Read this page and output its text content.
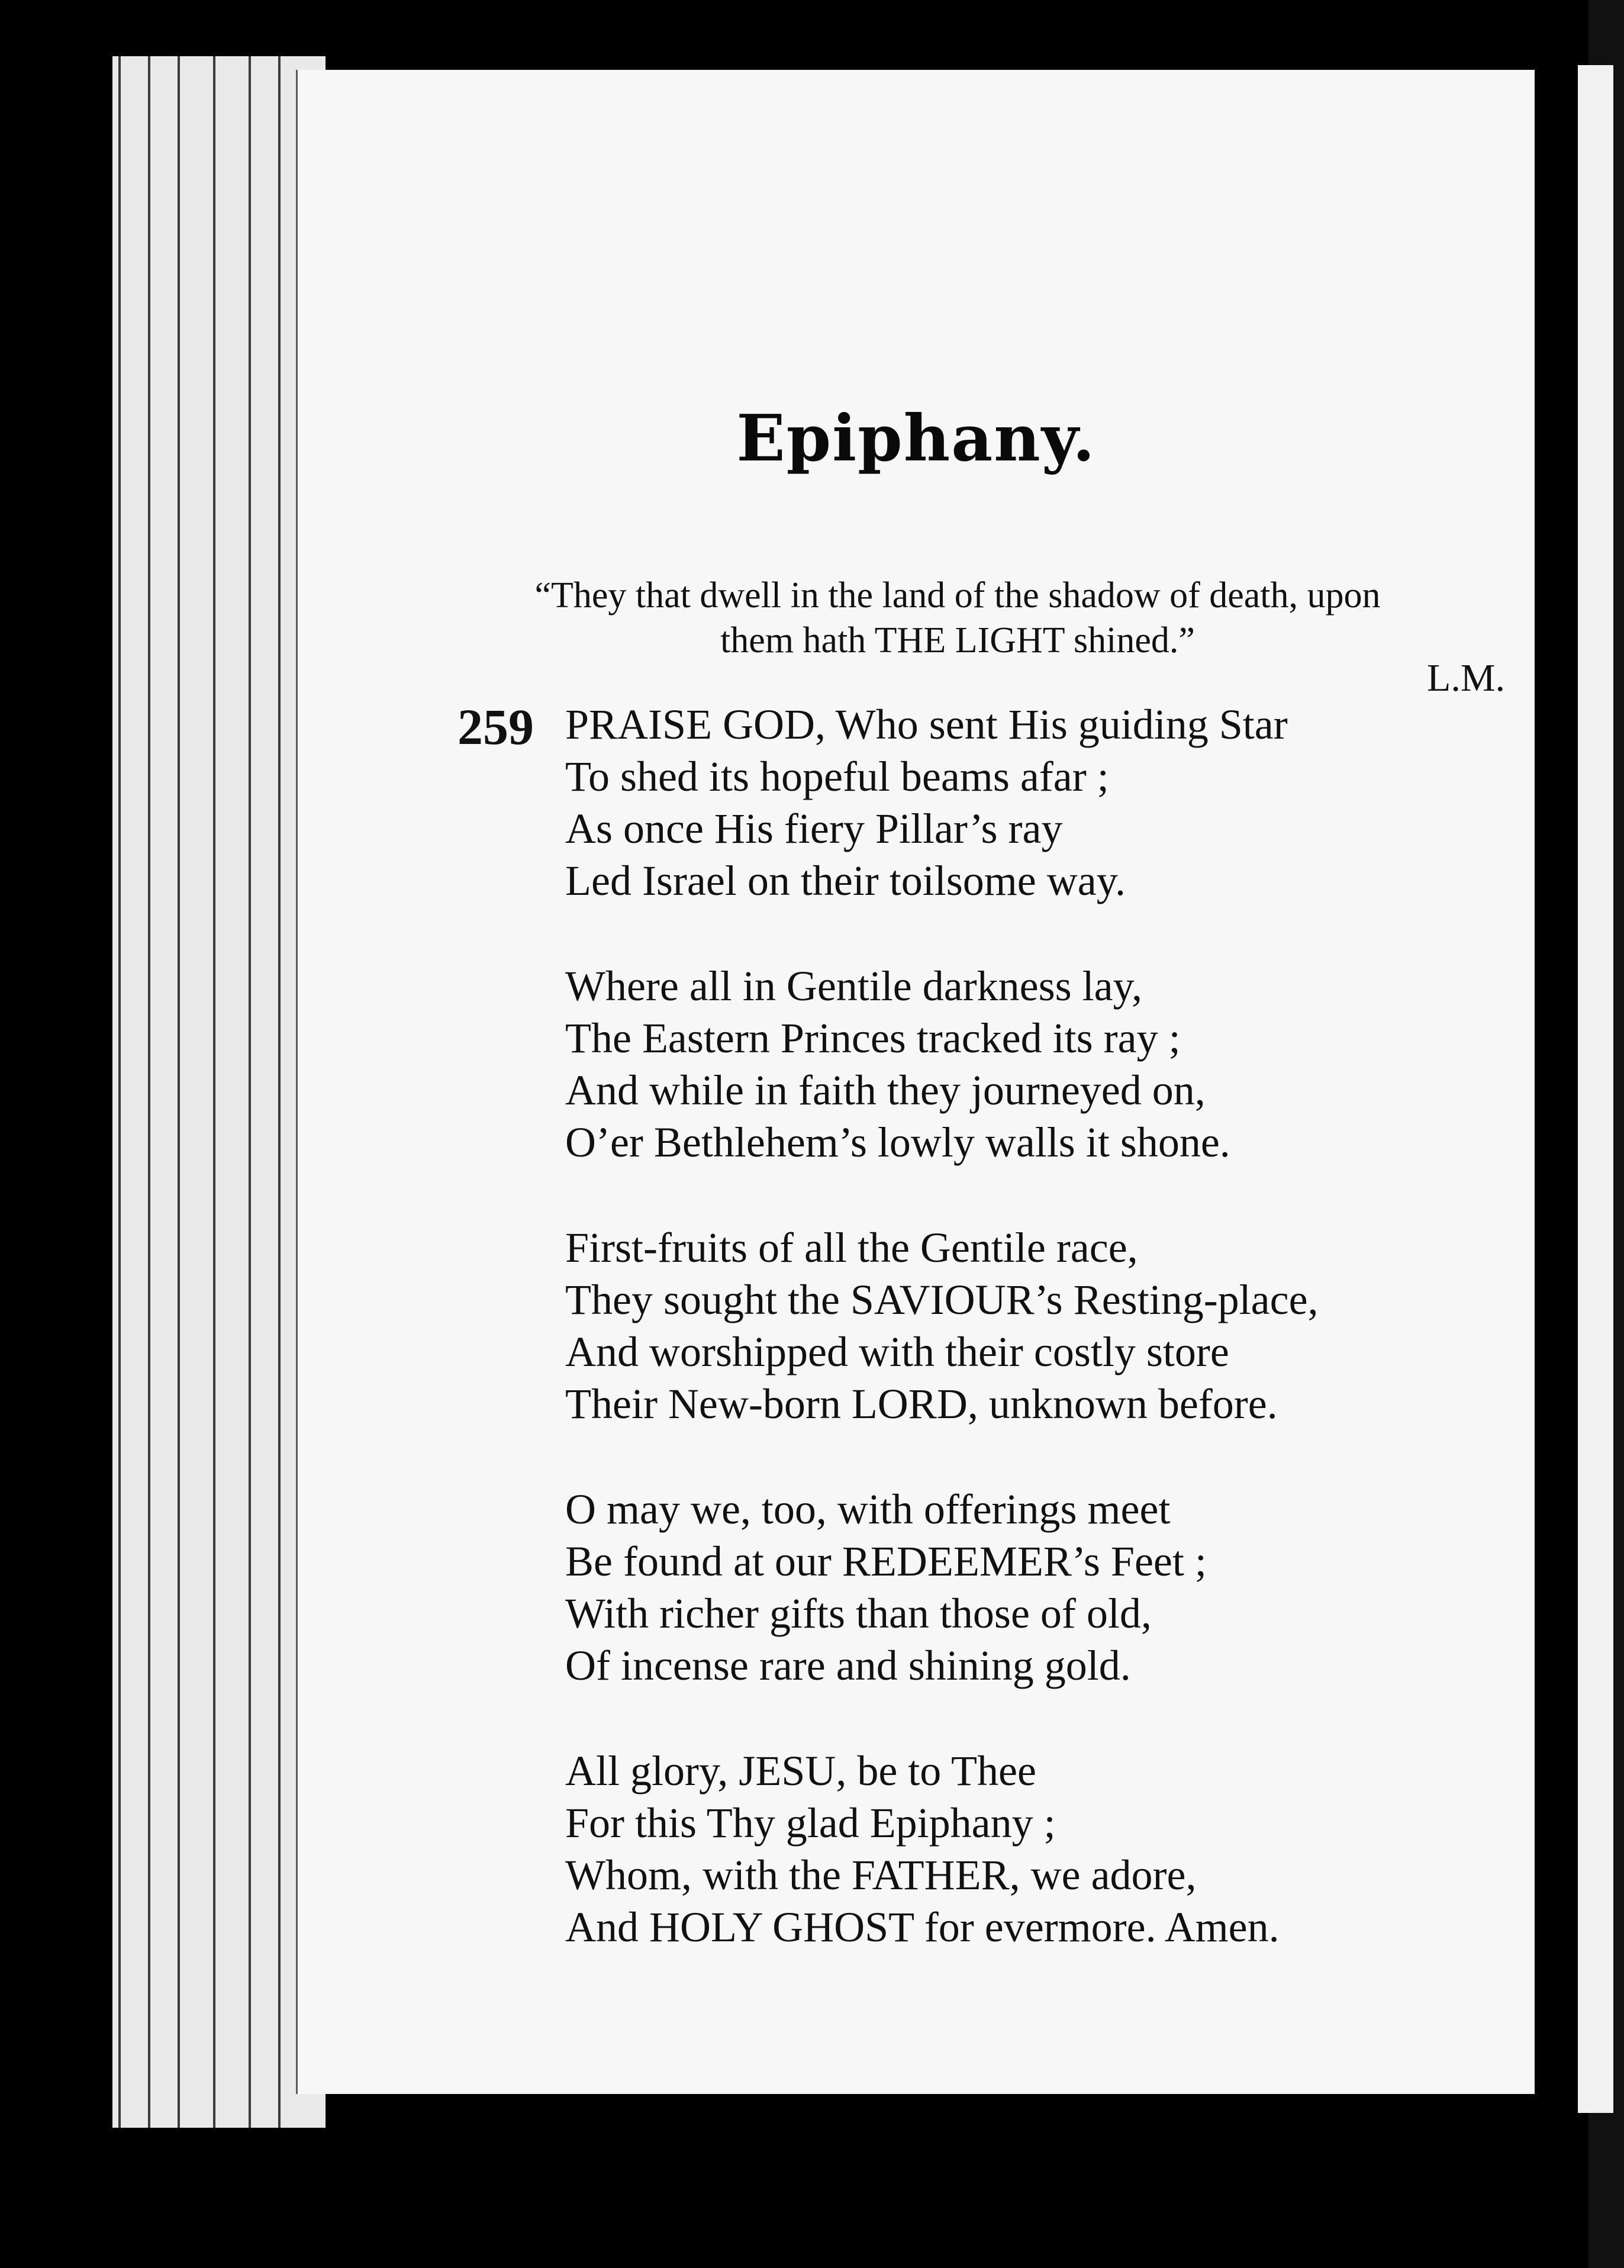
Epiphany.
“They that dwell in the land of the shadow of death, upon
them hath THE LIGHT shined.”
L.M.
259 PRAISE GOD, Who sent His guiding Star
To shed its hopeful beams afar ;
As once His fiery Pillar’s ray
Led Israel on their toilsome way.
Where all in Gentile darkness lay,
The Eastern Princes tracked its ray ;
And while in faith they journeyed on,
O’er Bethlehem’s lowly walls it shone.
First-fruits of all the Gentile race,
They sought the SAVIOUR’s Resting-place,
And worshipped with their costly store
Their New-born LORD, unknown before.
O may we, too, with offerings meet
Be found at our REDEEMER’s Feet ;
With richer gifts than those of old,
Of incense rare and shining gold.
All glory, JESU, be to Thee
For this Thy glad Epiphany ;
Whom, with the FATHER, we adore,
And HOLY GHOST for evermore. Amen.
